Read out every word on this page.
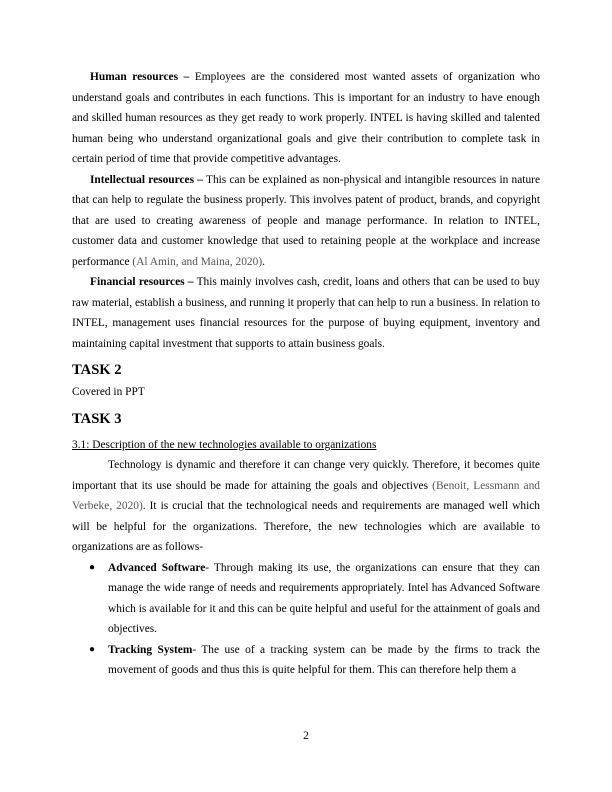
Human resources – Employees are the considered most wanted assets of organization who understand goals and contributes in each functions. This is important for an industry to have enough and skilled human resources as they get ready to work properly. INTEL is having skilled and talented human being who understand organizational goals and give their contribution to complete task in certain period of time that provide competitive advantages.

Intellectual resources – This can be explained as non-physical and intangible resources in nature that can help to regulate the business properly. This involves patent of product, brands, and copyright that are used to creating awareness of people and manage performance. In relation to INTEL, customer data and customer knowledge that used to retaining people at the workplace and increase performance (Al Amin, and Maina, 2020).

Financial resources – This mainly involves cash, credit, loans and others that can be used to buy raw material, establish a business, and running it properly that can help to run a business. In relation to INTEL, management uses financial resources for the purpose of buying equipment, inventory and maintaining capital investment that supports to attain business goals.

TASK 2

Covered in PPT

TASK 3

3.1: Description of the new technologies available to organizations

Technology is dynamic and therefore it can change very quickly. Therefore, it becomes quite important that its use should be made for attaining the goals and objectives (Benoit, Lessmann and Verbeke, 2020). It is crucial that the technological needs and requirements are managed well which will be helpful for the organizations. Therefore, the new technologies which are available to organizations are as follows-

● Advanced Software- Through making its use, the organizations can ensure that they can manage the wide range of needs and requirements appropriately. Intel has Advanced Software which is available for it and this can be quite helpful and useful for the attainment of goals and objectives.
● Tracking System- The use of a tracking system can be made by the firms to track the movement of goods and thus this is quite helpful for them. This can therefore help them a
2
